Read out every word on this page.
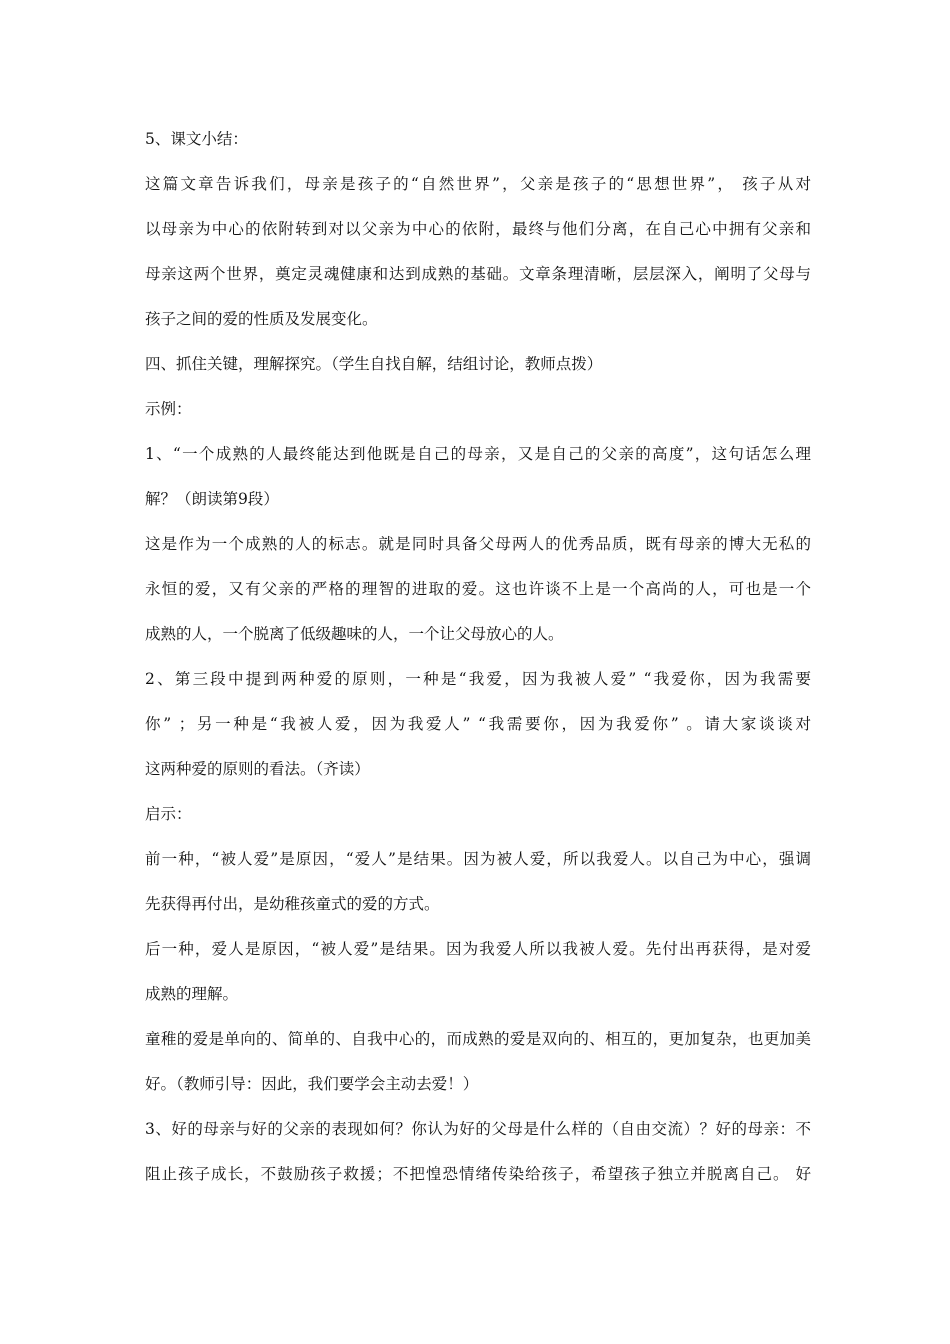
5、课文小结：
这篇文章告诉我们，母亲是孩子的“自然世界”，父亲是孩子的“思想世界”， 孩子从对
以母亲为中心的依附转到对以父亲为中心的依附，最终与他们分离，在自己心中拥有父亲和
母亲这两个世界，奠定灵魂健康和达到成熟的基础。文章条理清晰，层层深入，阐明了父母与
孩子之间的爱的性质及发展变化。
四、抓住关键，理解探究。（学生自找自解，结组讨论，教师点拨）
示例：
1、“一个成熟的人最终能达到他既是自己的母亲，又是自己的父亲的高度”，这句话怎么理
解？（朗读第9段）
这是作为一个成熟的人的标志。就是同时具备父母两人的优秀品质，既有母亲的博大无私的
永恒的爱，又有父亲的严格的理智的进取的爱。这也许谈不上是一个高尚的人，可也是一个
成熟的人，一个脱离了低级趣味的人，一个让父母放心的人。
2、第三段中提到两种爱的原则，一种是“我爱，因为我被人爱” “我爱你，因为我需要
你” ；另一种是“我被人爱，因为我爱人” “我需要你，因为我爱你” 。请大家谈谈对
这两种爱的原则的看法。（齐读）
启示：
前一种，“被人爱”是原因，“爱人”是结果。因为被人爱，所以我爱人。以自己为中心，强调
先获得再付出，是幼稚孩童式的爱的方式。
后一种，爱人是原因，“被人爱”是结果。因为我爱人所以我被人爱。先付出再获得，是对爱
成熟的理解。
童稚的爱是单向的、简单的、自我中心的，而成熟的爱是双向的、相互的，更加复杂，也更加美
好。（教师引导：因此，我们要学会主动去爱！）
3、好的母亲与好的父亲的表现如何？你认为好的父母是什么样的（自由交流）？好的母亲：不
阻止孩子成长，不鼓励孩子救援；不把惶恐情绪传染给孩子，希望孩子独立并脱离自己。 好
